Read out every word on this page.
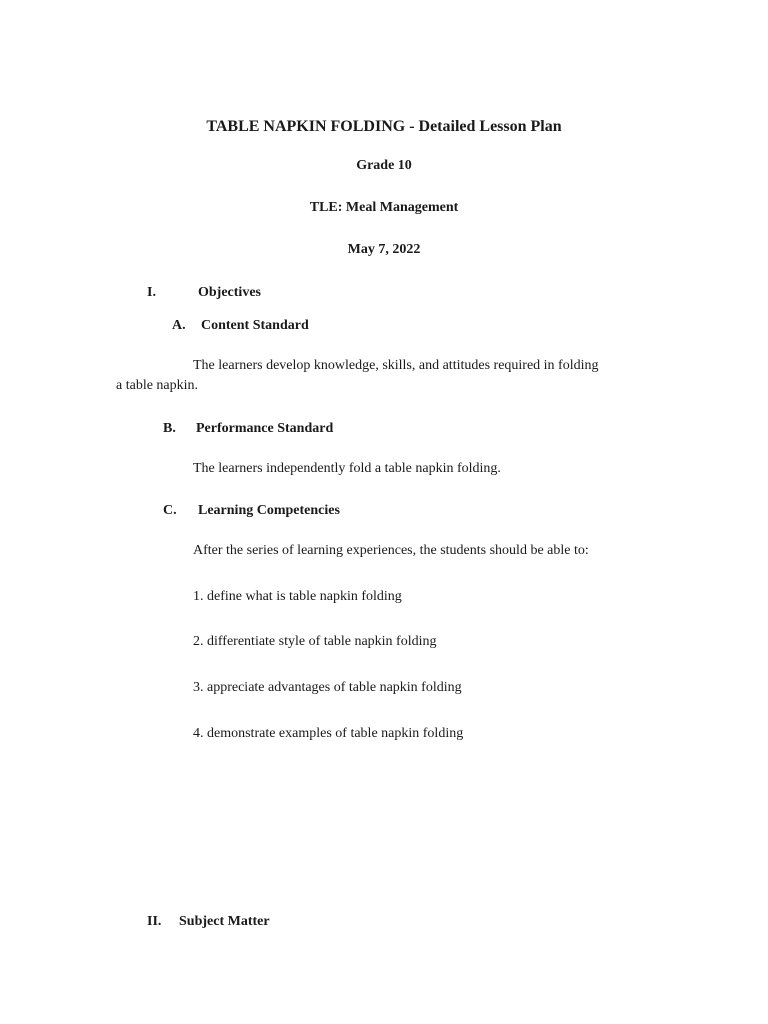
TABLE NAPKIN FOLDING - Detailed Lesson Plan
Grade 10
TLE: Meal Management
May 7, 2022
I.	Objectives
A. Content Standard
The learners develop knowledge, skills, and attitudes required in folding
a table napkin.
B. Performance Standard
The learners independently fold a table napkin folding.
C. Learning Competencies
After the series of learning experiences, the students should be able to:
1. define what is table napkin folding
2. differentiate style of table napkin folding
3. appreciate advantages of table napkin folding
4. demonstrate examples of table napkin folding
II. Subject Matter
